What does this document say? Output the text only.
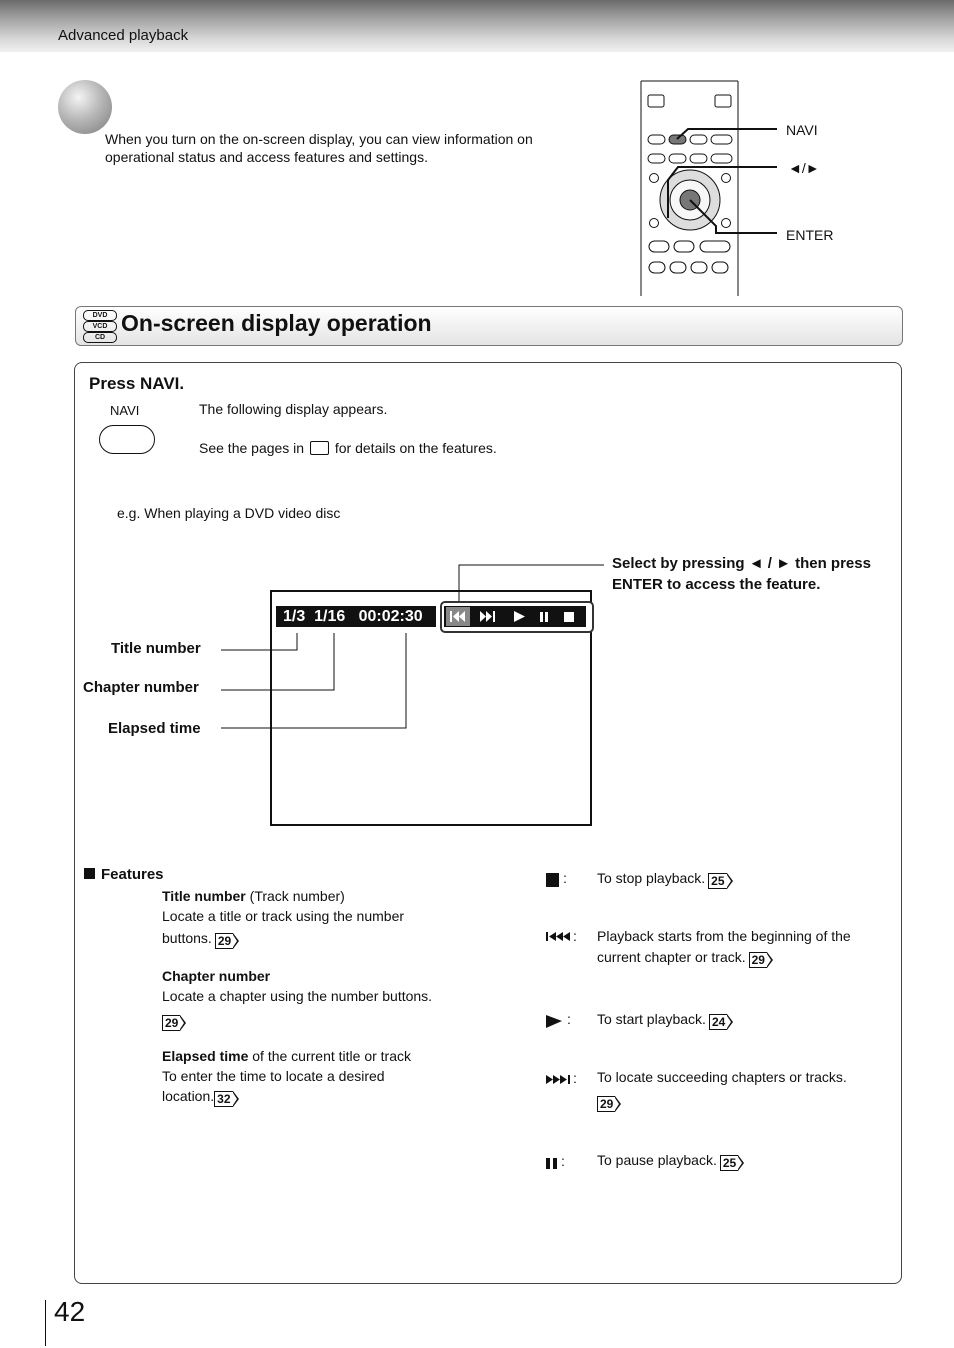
Advanced playback
When you turn on the on-screen display, you can view information on operational status and access features and settings.
NAVI
◄/►
ENTER
DVD
VCD
CD
On-screen display operation
Press NAVI.
NAVI	The following display appears.
See the pages in for details on the features.
e.g. When playing a DVD video disc
Select by pressing ◄ / ► then press
ENTER to access the feature.
1/3  1/16   00:02:30
Title number
Chapter number
Elapsed time
Features
Title number (Track number)
Locate a title or track using the number
buttons. 29
Chapter number
Locate a chapter using the number buttons.
29
Elapsed time of the current title or track
To enter the time to locate a desired
location. 32
:
:
:
:
:
To stop playback. 25
Playback starts from the beginning of the
current chapter or track. 29
To start playback. 24
To locate succeeding chapters or tracks.
29
To pause playback. 25
42
